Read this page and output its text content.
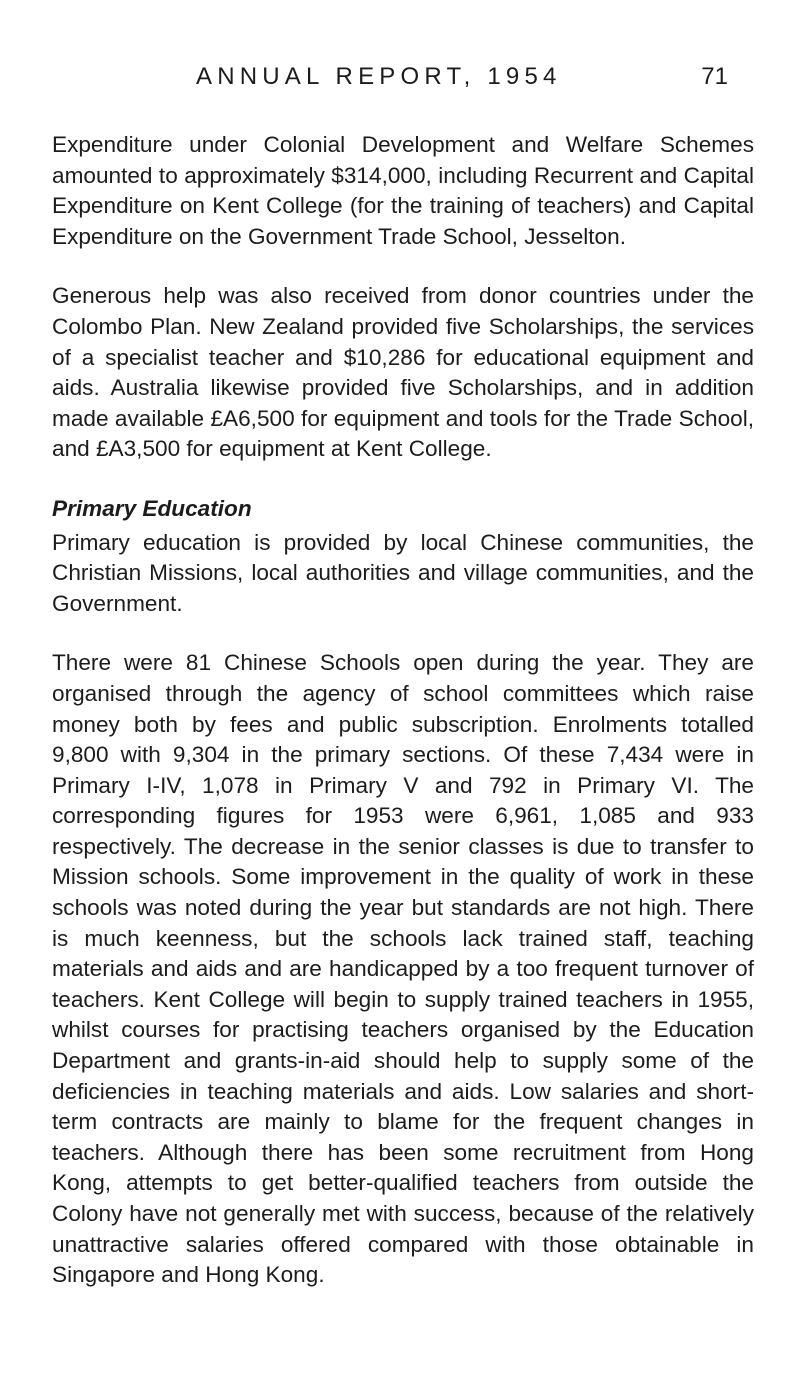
ANNUAL REPORT, 1954	71

Expenditure under Colonial Development and Welfare Schemes amounted to approximately $314,000, including Recurrent and Capital Expenditure on Kent College (for the training of teachers) and Capital Expenditure on the Government Trade School, Jesselton.

Generous help was also received from donor countries under the Colombo Plan. New Zealand provided five Scholarships, the services of a specialist teacher and $10,286 for educational equipment and aids. Australia likewise provided five Scholarships, and in addition made available £A6,500 for equipment and tools for the Trade School, and £A3,500 for equipment at Kent College.

Primary Education

Primary education is provided by local Chinese communities, the Christian Missions, local authorities and village communities, and the Government.

There were 81 Chinese Schools open during the year. They are organised through the agency of school committees which raise money both by fees and public subscription. Enrolments totalled 9,800 with 9,304 in the primary sections. Of these 7,434 were in Primary I-IV, 1,078 in Primary V and 792 in Primary VI. The corresponding figures for 1953 were 6,961, 1,085 and 933 respectively. The decrease in the senior classes is due to transfer to Mission schools. Some improvement in the quality of work in these schools was noted during the year but standards are not high. There is much keenness, but the schools lack trained staff, teaching materials and aids and are handicapped by a too frequent turnover of teachers. Kent College will begin to supply trained teachers in 1955, whilst courses for practising teachers organised by the Education Department and grants-in-aid should help to supply some of the deficiencies in teaching materials and aids. Low salaries and short-term contracts are mainly to blame for the frequent changes in teachers. Although there has been some recruitment from Hong Kong, attempts to get better-qualified teachers from outside the Colony have not generally met with success, because of the relatively unattractive salaries offered compared with those obtainable in Singapore and Hong Kong.
